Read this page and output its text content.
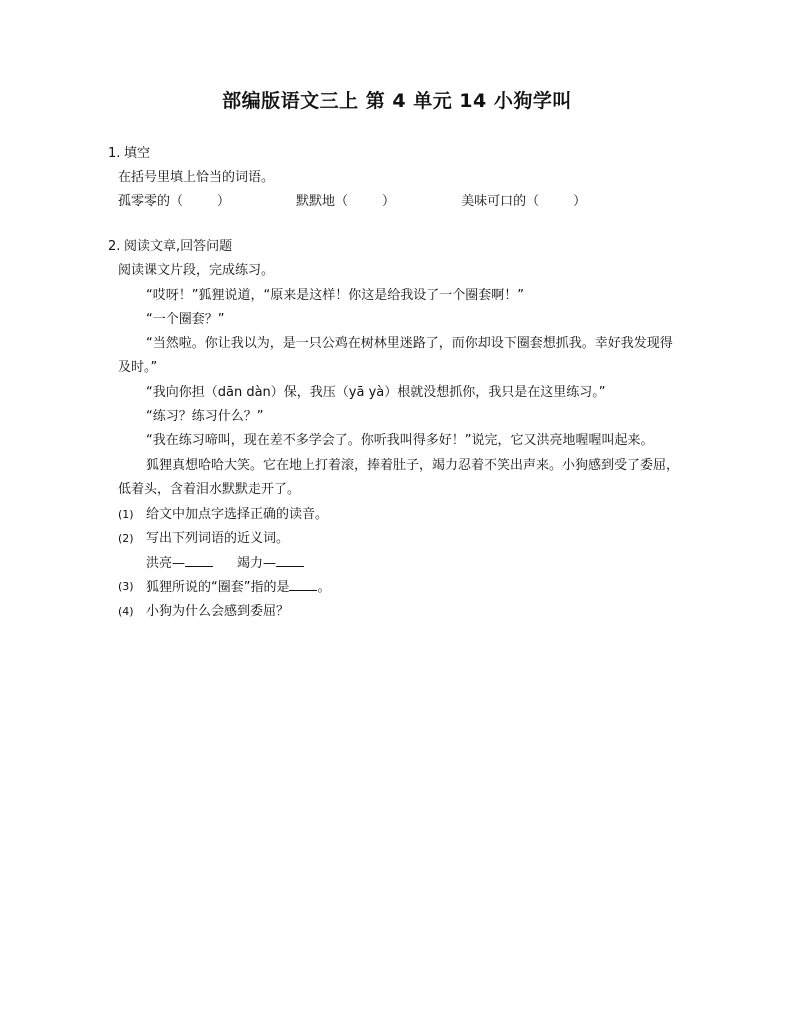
部编版语文三上 第 4 单元 14 小狗学叫
1. 填空
在括号里填上恰当的词语。
孤零零的（	）	默默地（	）	美味可口的（	）
2. 阅读文章,回答问题
阅读课文片段，完成练习。
“哎呀！”狐狸说道，“原来是这样！你这是给我设了一个圈套啊！”
“一个圈套？”
“当然啦。你让我以为，是一只公鸡在树林里迷路了，而你却设下圈套想抓我。幸好我发现得
及时。”
“我向你担（dān dàn）保，我压（yā yà）根就没想抓你，我只是在这里练习。”
“练习？练习什么？”
“我在练习啼叫，现在差不多学会了。你听我叫得多好！”说完，它又洪亮地喔喔叫起来。
狐狸真想哈哈大笑。它在地上打着滚，捧着肚子，竭力忍着不笑出声来。小狗感到受了委屈，
低着头，含着泪水默默走开了。
(1) 给文中加点字选择正确的读音。
(2) 写出下列词语的近义词。
洪亮—	竭力—
(3) 狐狸所说的“圈套”指的是 。
(4) 小狗为什么会感到委屈？
